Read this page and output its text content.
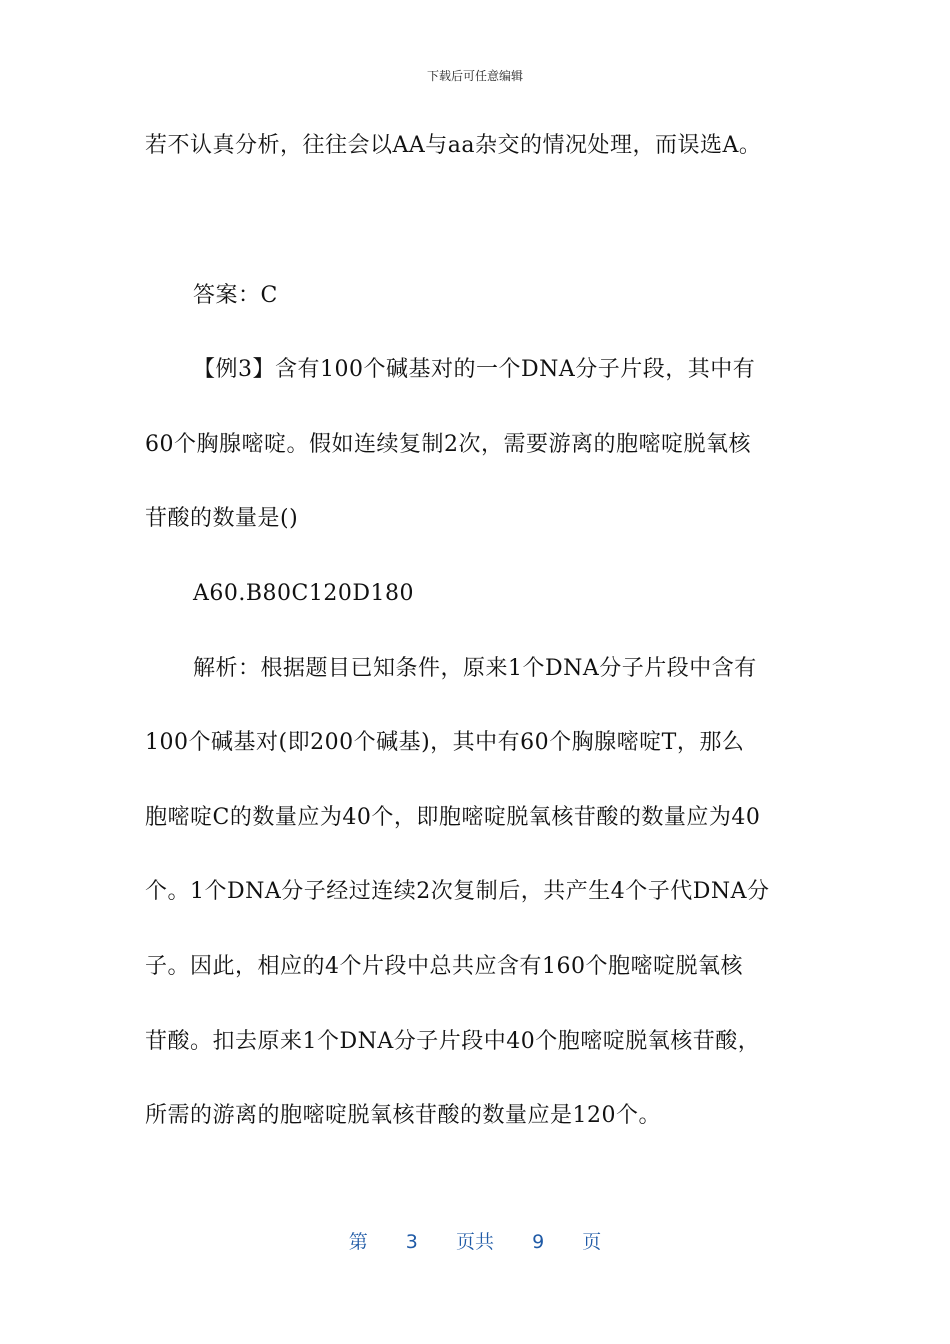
下载后可任意编辑
若不认真分析，往往会以AA与aa杂交的情况处理，而误选A。
答案：C
【例3】含有100个碱基对的一个DNA分子片段，其中有
60个胸腺嘧啶。假如连续复制2次，需要游离的胞嘧啶脱氧核
苷酸的数量是()
A60.B80C120D180
解析：根据题目已知条件，原来1个DNA分子片段中含有
100个碱基对(即200个碱基)，其中有60个胸腺嘧啶T，那么
胞嘧啶C的数量应为40个，即胞嘧啶脱氧核苷酸的数量应为40
个。1个DNA分子经过连续2次复制后，共产生4个子代DNA分
子。因此，相应的4个片段中总共应含有160个胞嘧啶脱氧核
苷酸。扣去原来1个DNA分子片段中40个胞嘧啶脱氧核苷酸，
所需的游离的胞嘧啶脱氧核苷酸的数量应是120个。
第 3 页共 9 页
